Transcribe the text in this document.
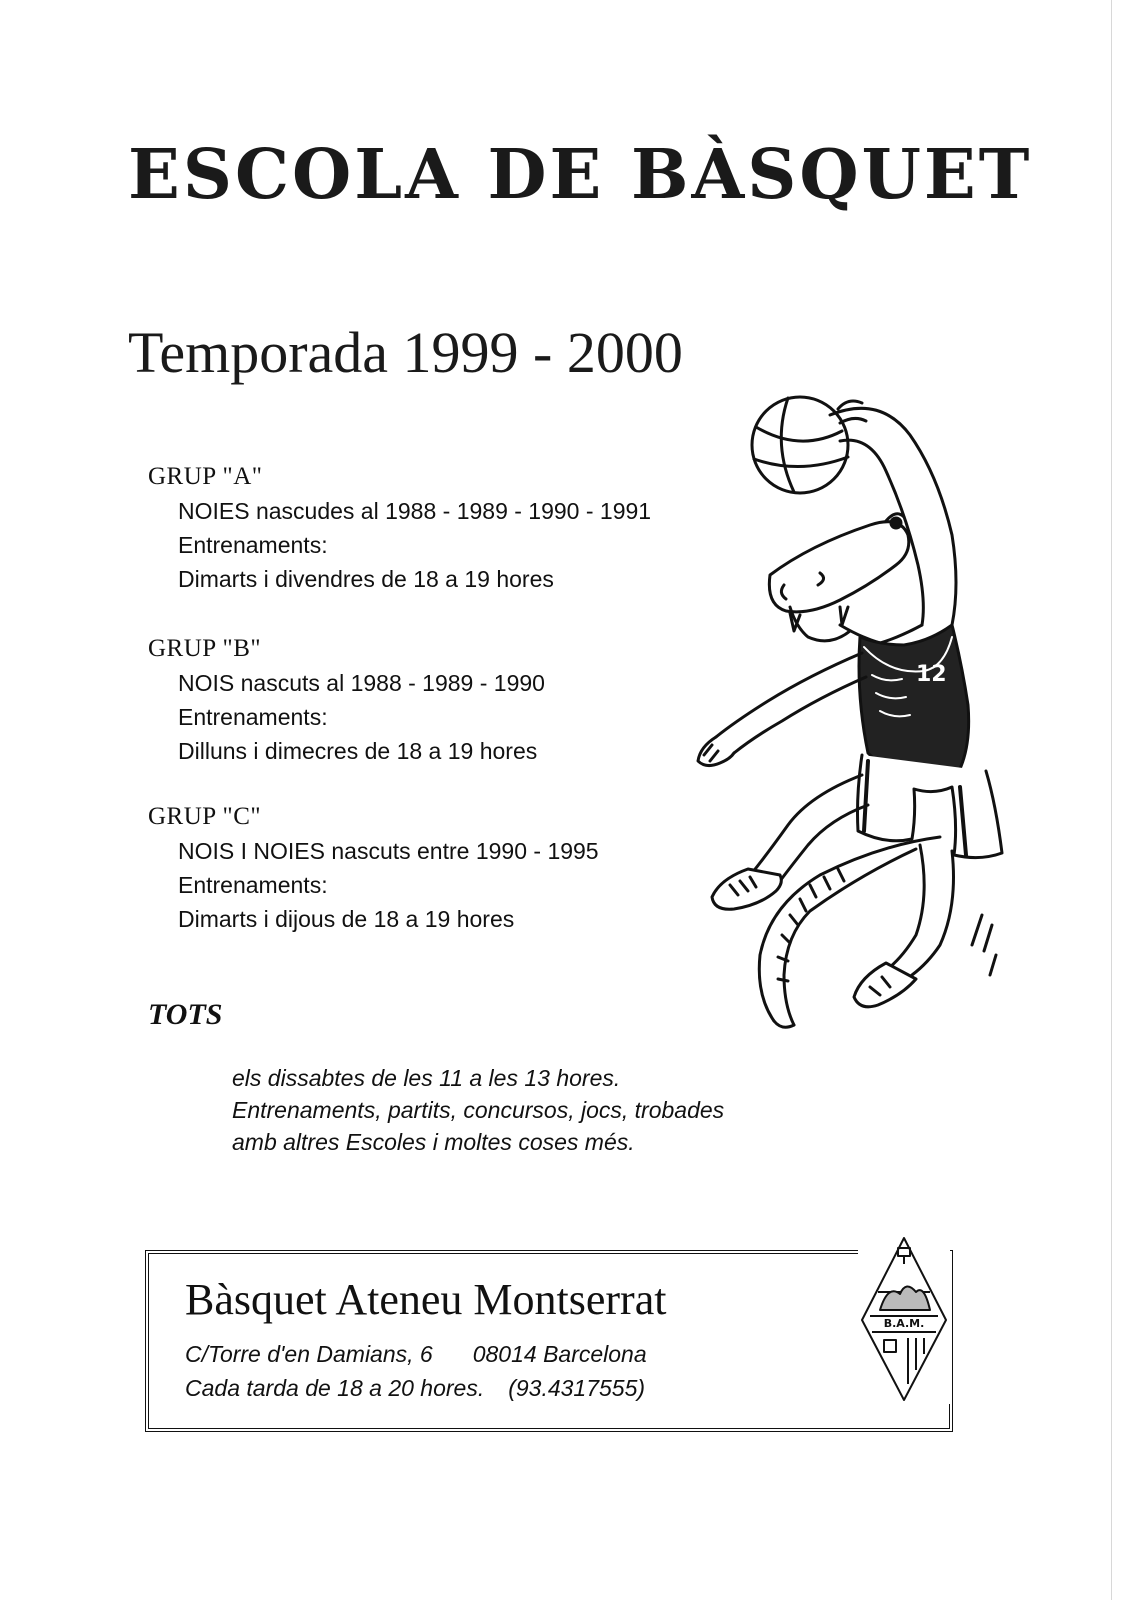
ESCOLA DE BÀSQUET
Temporada 1999 - 2000
GRUP "A"
NOIES nascudes al 1988 - 1989 - 1990 - 1991
Entrenaments:
Dimarts i divendres de 18 a 19 hores
GRUP "B"
NOIS nascuts al 1988 - 1989 - 1990
Entrenaments:
Dilluns i dimecres de 18 a 19 hores
GRUP "C"
NOIS I NOIES nascuts entre 1990 - 1995
Entrenaments:
Dimarts i dijous de 18 a 19 hores
12
TOTS
els dissabtes de les 11 a les 13 hores.
Entrenaments, partits, concursos, jocs, trobades
amb altres Escoles i moltes coses més.
Bàsquet Ateneu Montserrat
C/Torre d'en Damians, 6 08014 Barcelona
Cada tarda de 18 a 20 hores. (93.4317555)
B.A.M.
